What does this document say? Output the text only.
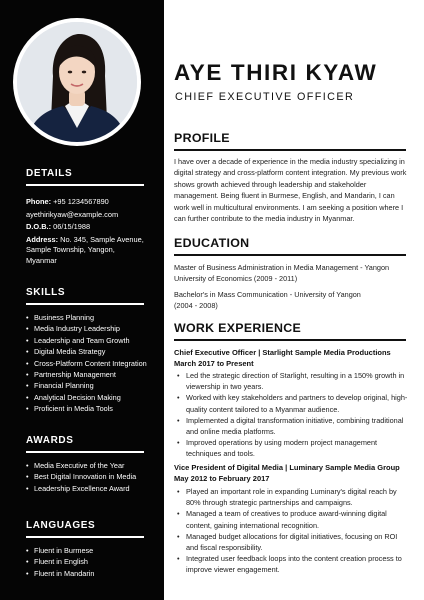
DETAILS
Phone: +95 1234567890
ayethirikyaw@example.com
D.O.B.: 06/15/1988
Address: No. 345, Sample Avenue,
Sample Township, Yangon,
Myanmar
SKILLS
• Business Planning
• Media Industry Leadership
• Leadership and Team Growth
• Digital Media Strategy
• Cross-Platform Content Integration
• Partnership Management
• Financial Planning
• Analytical Decision Making
• Proficient in Media Tools
AWARDS
• Media Executive of the Year
• Best Digital Innovation in Media
• Leadership Excellence Award
LANGUAGES
• Fluent in Burmese
• Fluent in English
• Fluent in Mandarin
AYE THIRI KYAW
CHIEF EXECUTIVE OFFICER
PROFILE
I have over a decade of experience in the media industry specializing in digital strategy and cross-platform content integration. My previous work shows growth achieved through leadership and stakeholder management. Being fluent in Burmese, English, and Mandarin, I can work well in multicultural environments. I am seeking a position where I can further contribute to the media industry in Myanmar.
EDUCATION
Master of Business Administration in Media Management - Yangon
University of Economics (2009 - 2011)
Bachelor's in Mass Communication - University of Yangon
(2004 - 2008)
WORK EXPERIENCE
Chief Executive Officer | Starlight Sample Media Productions
March 2017 to Present
• Led the strategic direction of Starlight, resulting in a 150% growth in viewership in two years.
• Worked with key stakeholders and partners to develop original, high-quality content tailored to a Myanmar audience.
• Implemented a digital transformation initiative, combining traditional and online media platforms.
• Improved operations by using modern project management techniques and tools.
Vice President of Digital Media | Luminary Sample Media Group
May 2012 to February 2017
• Played an important role in expanding Luminary's digital reach by 80% through strategic partnerships and campaigns.
• Managed a team of creatives to produce award-winning digital content, gaining international recognition.
• Managed budget allocations for digital initiatives, focusing on ROI and fiscal responsibility.
• Integrated user feedback loops into the content creation process to improve viewer engagement.
